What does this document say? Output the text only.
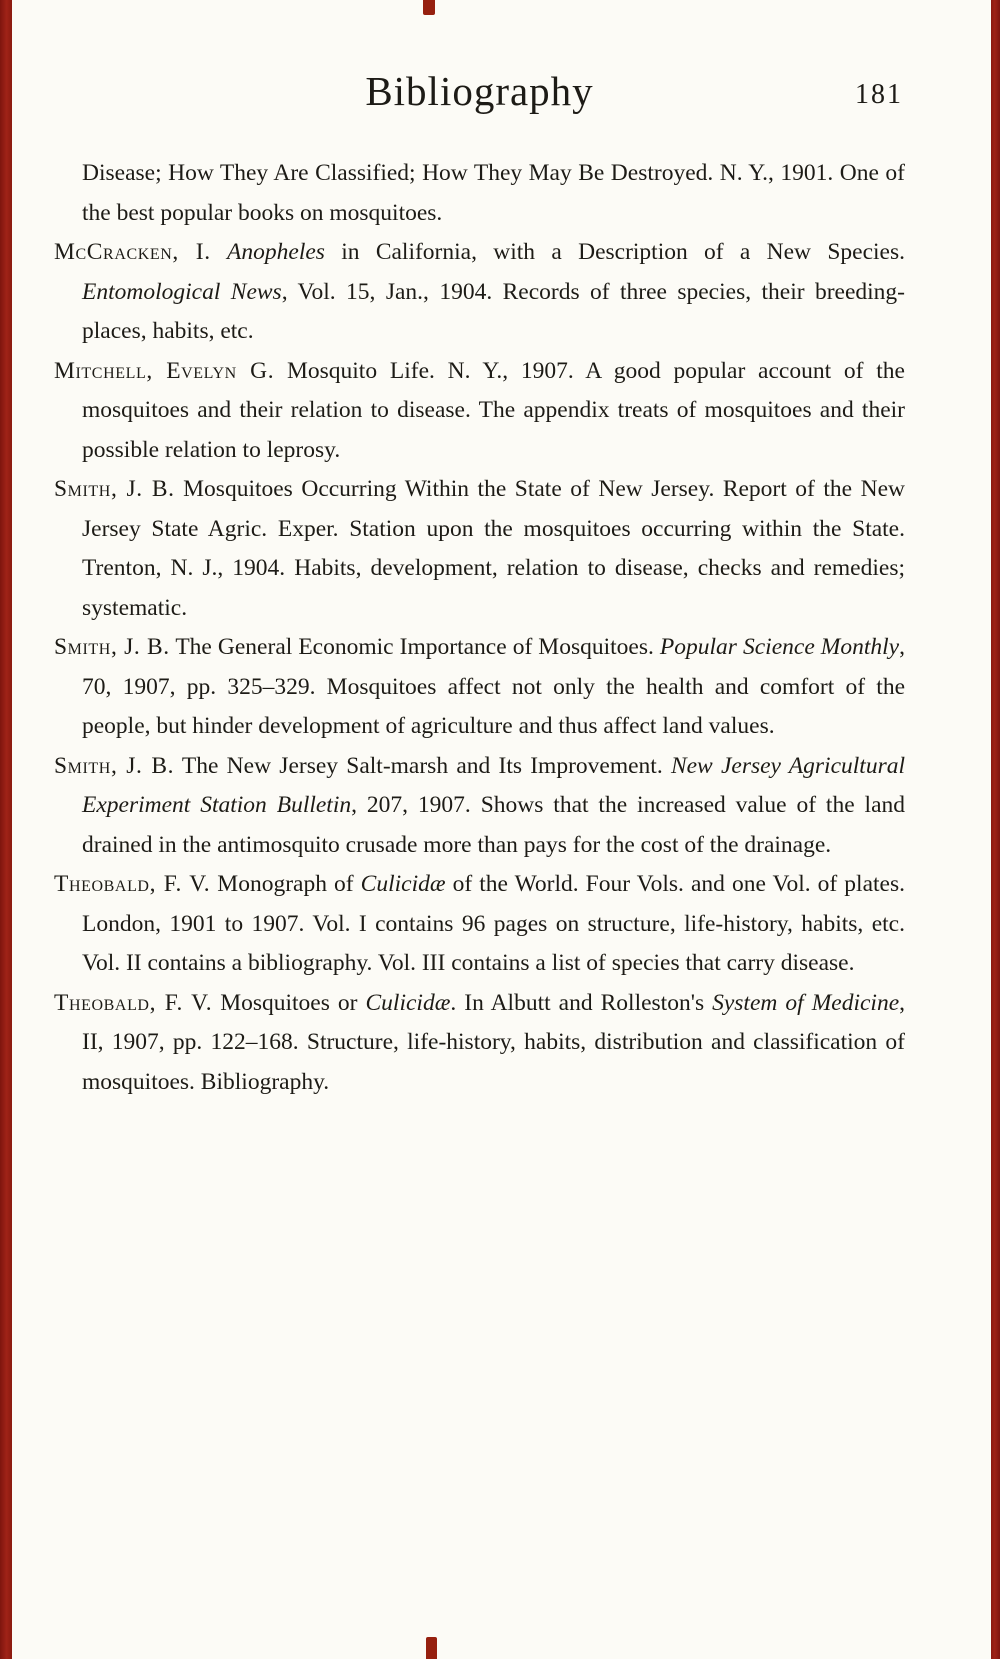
Bibliography	181

Disease; How They Are Classified; How They May Be Destroyed. N. Y., 1901. One of the best popular books on mosquitoes.

McCracken, I. Anopheles in California, with a Description of a New Species. Entomological News, Vol. 15, Jan., 1904. Records of three species, their breeding-places, habits, etc.

Mitchell, Evelyn G. Mosquito Life. N. Y., 1907. A good popular account of the mosquitoes and their relation to disease. The appendix treats of mosquitoes and their possible relation to leprosy.

Smith, J. B. Mosquitoes Occurring Within the State of New Jersey. Report of the New Jersey State Agric. Exper. Station upon the mosquitoes occurring within the State. Trenton, N. J., 1904. Habits, development, relation to disease, checks and remedies; systematic.

Smith, J. B. The General Economic Importance of Mosquitoes. Popular Science Monthly, 70, 1907, pp. 325–329. Mosquitoes affect not only the health and comfort of the people, but hinder development of agriculture and thus affect land values.

Smith, J. B. The New Jersey Salt-marsh and Its Improvement. New Jersey Agricultural Experiment Station Bulletin, 207, 1907. Shows that the increased value of the land drained in the antimosquito crusade more than pays for the cost of the drainage.

Theobald, F. V. Monograph of Culicidæ of the World. Four Vols. and one Vol. of plates. London, 1901 to 1907. Vol. I contains 96 pages on structure, life-history, habits, etc. Vol. II contains a bibliography. Vol. III contains a list of species that carry disease.

Theobald, F. V. Mosquitoes or Culicidæ. In Albutt and Rolleston's System of Medicine, II, 1907, pp. 122–168. Structure, life-history, habits, distribution and classification of mosquitoes. Bibliography.
